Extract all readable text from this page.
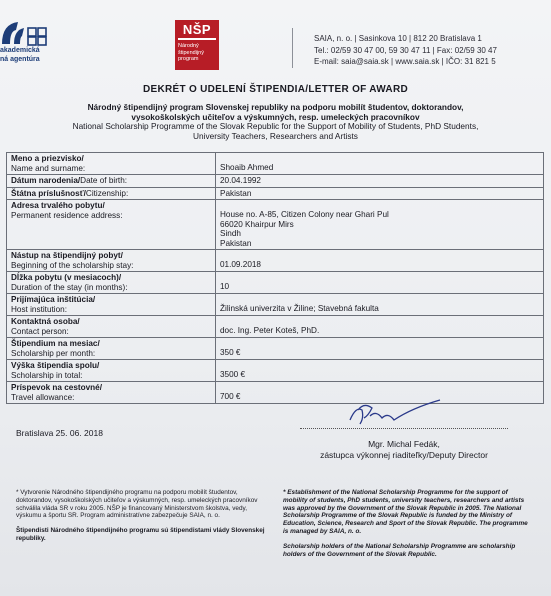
akademická
ná agentúra
NŠP
Národný
štipendijný
program
SAIA, n. o. | Sasinkova 10 | 812 20 Bratislava 1
Tel.: 02/59 30 47 00, 59 30 47 11 | Fax: 02/59 30 47
E-mail: saia@saia.sk | www.saia.sk | IČO: 31 821 5
DEKRÉT O UDELENÍ ŠTIPENDIA/LETTER OF AWARD
Národný štipendijný program Slovenskej republiky na podporu mobilít študentov, doktorandov, vysokoškolských učiteľov a výskumných, resp. umeleckých pracovníkov
National Scholarship Programme of the Slovak Republic for the Support of Mobility of Students, PhD Students, University Teachers, Researchers and Artists
Meno a priezvisko/
Name and surname:	Shoaib Ahmed
Dátum narodenia/Date of birth:	20.04.1992
Štátna príslušnosť/Citizenship:	Pakistan

Adresa trvalého pobytu/
Permanent residence address:	House no. A-85, Citizen Colony near Ghari Pul
66020 Khairpur Mirs
Sindh
Pakistan

Nástup na štipendijný pobyt/
Beginning of the scholarship stay:	01.09.2018

Dĺžka pobytu (v mesiacoch)/
Duration of the stay (in months):	10

Prijímajúca inštitúcia/
Host institution:	Žilinská univerzita v Žiline; Stavebná fakulta

Kontaktná osoba/
Contact person:	doc. Ing. Peter Koteš, PhD.

Štipendium na mesiac/
Scholarship per month:	350 €

Výška štipendia spolu/
Scholarship in total:	3500 €

Príspevok na cestovné/
Travel allowance:	700 €
Bratislava 25. 06. 2018
Mgr. Michal Fedák,
zástupca výkonnej riaditeľky/Deputy Director
* Vytvorenie Národného štipendijného programu na podporu mobilít študentov, doktorandov, vysokoškolských učiteľov a výskumných, resp. umeleckých pracovníkov schválila vláda SR v roku 2005. NŠP je financovaný Ministerstvom školstva, vedy, výskumu a športu SR. Program administratívne zabezpečuje SAIA, n. o.
Štipendisti Národného štipendijného programu sú štipendistami vlády Slovenskej republiky.
* Establishment of the National Scholarship Programme for the support of mobility of students, PhD students, university teachers, researchers and artists was approved by the Government of the Slovak Republic in 2005. The National Scholarship Programme of the Slovak Republic is funded by the Ministry of Education, Science, Research and Sport of the Slovak Republic. The programme is managed by SAIA, n. o.
Scholarship holders of the National Scholarship Programme are scholarship holders of the Government of the Slovak Republic.
